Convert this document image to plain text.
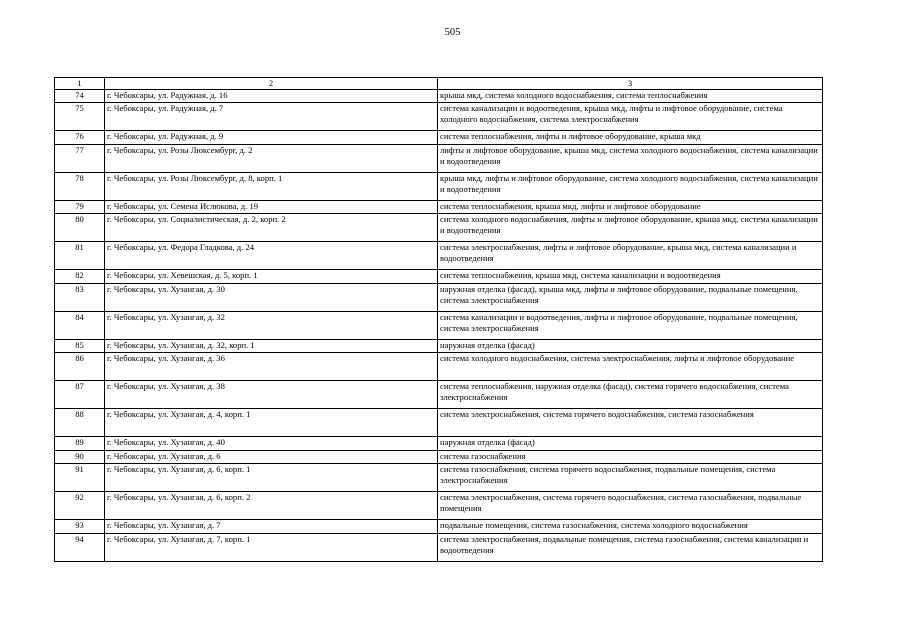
505
1	2	3
74	г. Чебоксары, ул. Радужная, д. 16	крыша мкд, система холодного водоснабжения, система теплоснабжения
75	г. Чебоксары, ул. Радужная, д. 7	система канализации и водоотведения, крыша мкд, лифты и лифтовое оборудование, система холодного водоснабжения, система электроснабжения
76	г. Чебоксары, ул. Радужная, д. 9	система теплоснабжения, лифты и лифтовое оборудование, крыша мкд
77	г. Чебоксары, ул. Розы Люксембург, д. 2	лифты и лифтовое оборудование, крыша мкд, система холодного водоснабжения, система канализации и водоотведения
78	г. Чебоксары, ул. Розы Люксембург, д. 8, корп. 1	крыша мкд, лифты и лифтовое оборудование, система холодного водоснабжения, система канализации и водоотведения
79	г. Чебоксары, ул. Семена Ислюкова, д. 19	система теплоснабжения, крыша мкд, лифты и лифтовое оборудование
80	г. Чебоксары, ул. Социалистическая, д. 2, корп. 2	система холодного водоснабжения, лифты и лифтовое оборудование, крыша мкд, система канализации и водоотведения
81	г. Чебоксары, ул. Федора Гладкова, д. 24	система электроснабжения, лифты и лифтовое оборудование, крыша мкд, система канализации и водоотведения
82	г. Чебоксары, ул. Хевешская, д. 5, корп. 1	система теплоснабжения, крыша мкд, система канализации и водоотведения
83	г. Чебоксары, ул. Хузангая, д. 30	наружная отделка (фасад), крыша мкд, лифты и лифтовое оборудование, подвальные помещения, система электроснабжения
84	г. Чебоксары, ул. Хузангая, д. 32	система канализации и водоотведения, лифты и лифтовое оборудование, подвальные помещения, система электроснабжения
85	г. Чебоксары, ул. Хузангая, д. 32, корп. 1	наружная отделка (фасад)
86	г. Чебоксары, ул. Хузангая, д. 36	система холодного водоснабжения, система электроснабжения, лифты и лифтовое оборудование
87	г. Чебоксары, ул. Хузангая, д. 38	система теплоснабжения, наружная отделка (фасад), система горячего водоснабжения, система электроснабжения
88	г. Чебоксары, ул. Хузангая, д. 4, корп. 1	система электроснабжения, система горячего водоснабжения, система газоснабжения
89	г. Чебоксары, ул. Хузангая, д. 40	наружная отделка (фасад)
90	г. Чебоксары, ул. Хузангая, д. 6	система газоснабжения
91	г. Чебоксары, ул. Хузангая, д. 6, корп. 1	система газоснабжения, система горячего водоснабжения, подвальные помещения, система электроснабжения
92	г. Чебоксары, ул. Хузангая, д. 6, корп. 2	система электроснабжения, система горячего водоснабжения, система газоснабжения, подвальные помещения
93	г. Чебоксары, ул. Хузангая, д. 7	подвальные помещения, система газоснабжения, система холодного водоснабжения
94	г. Чебоксары, ул. Хузангая, д. 7, корп. 1	система электроснабжения, подвальные помещения, система газоснабжения, система канализации и водоотведения
